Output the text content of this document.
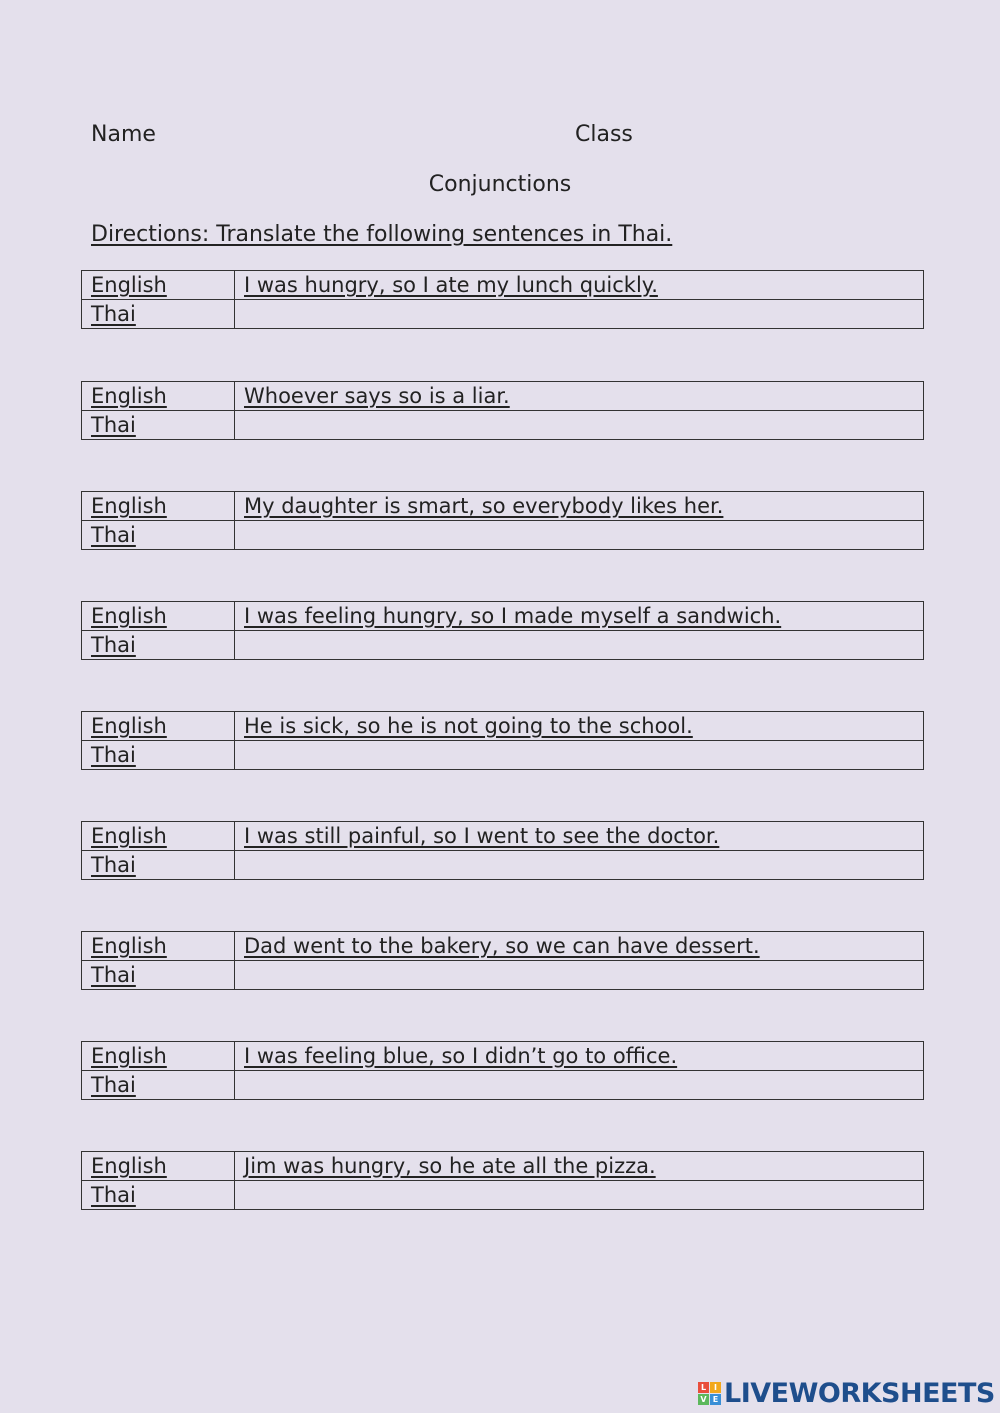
Name	Class
Conjunctions
Directions: Translate the following sentences in Thai.
English	I was hungry, so I ate my lunch quickly.
Thai	
English	Whoever says so is a liar.
Thai	
English	My daughter is smart, so everybody likes her.
Thai	
English	I was feeling hungry, so I made myself a sandwich.
Thai	
English	He is sick, so he is not going to the school.
Thai	
English	I was still painful, so I went to see the doctor.
Thai	
English	Dad went to the bakery, so we can have dessert.
Thai	
English	I was feeling blue, so I didn’t go to office.
Thai	
English	Jim was hungry, so he ate all the pizza.
Thai	
L I
V E LIVEWORKSHEETS
